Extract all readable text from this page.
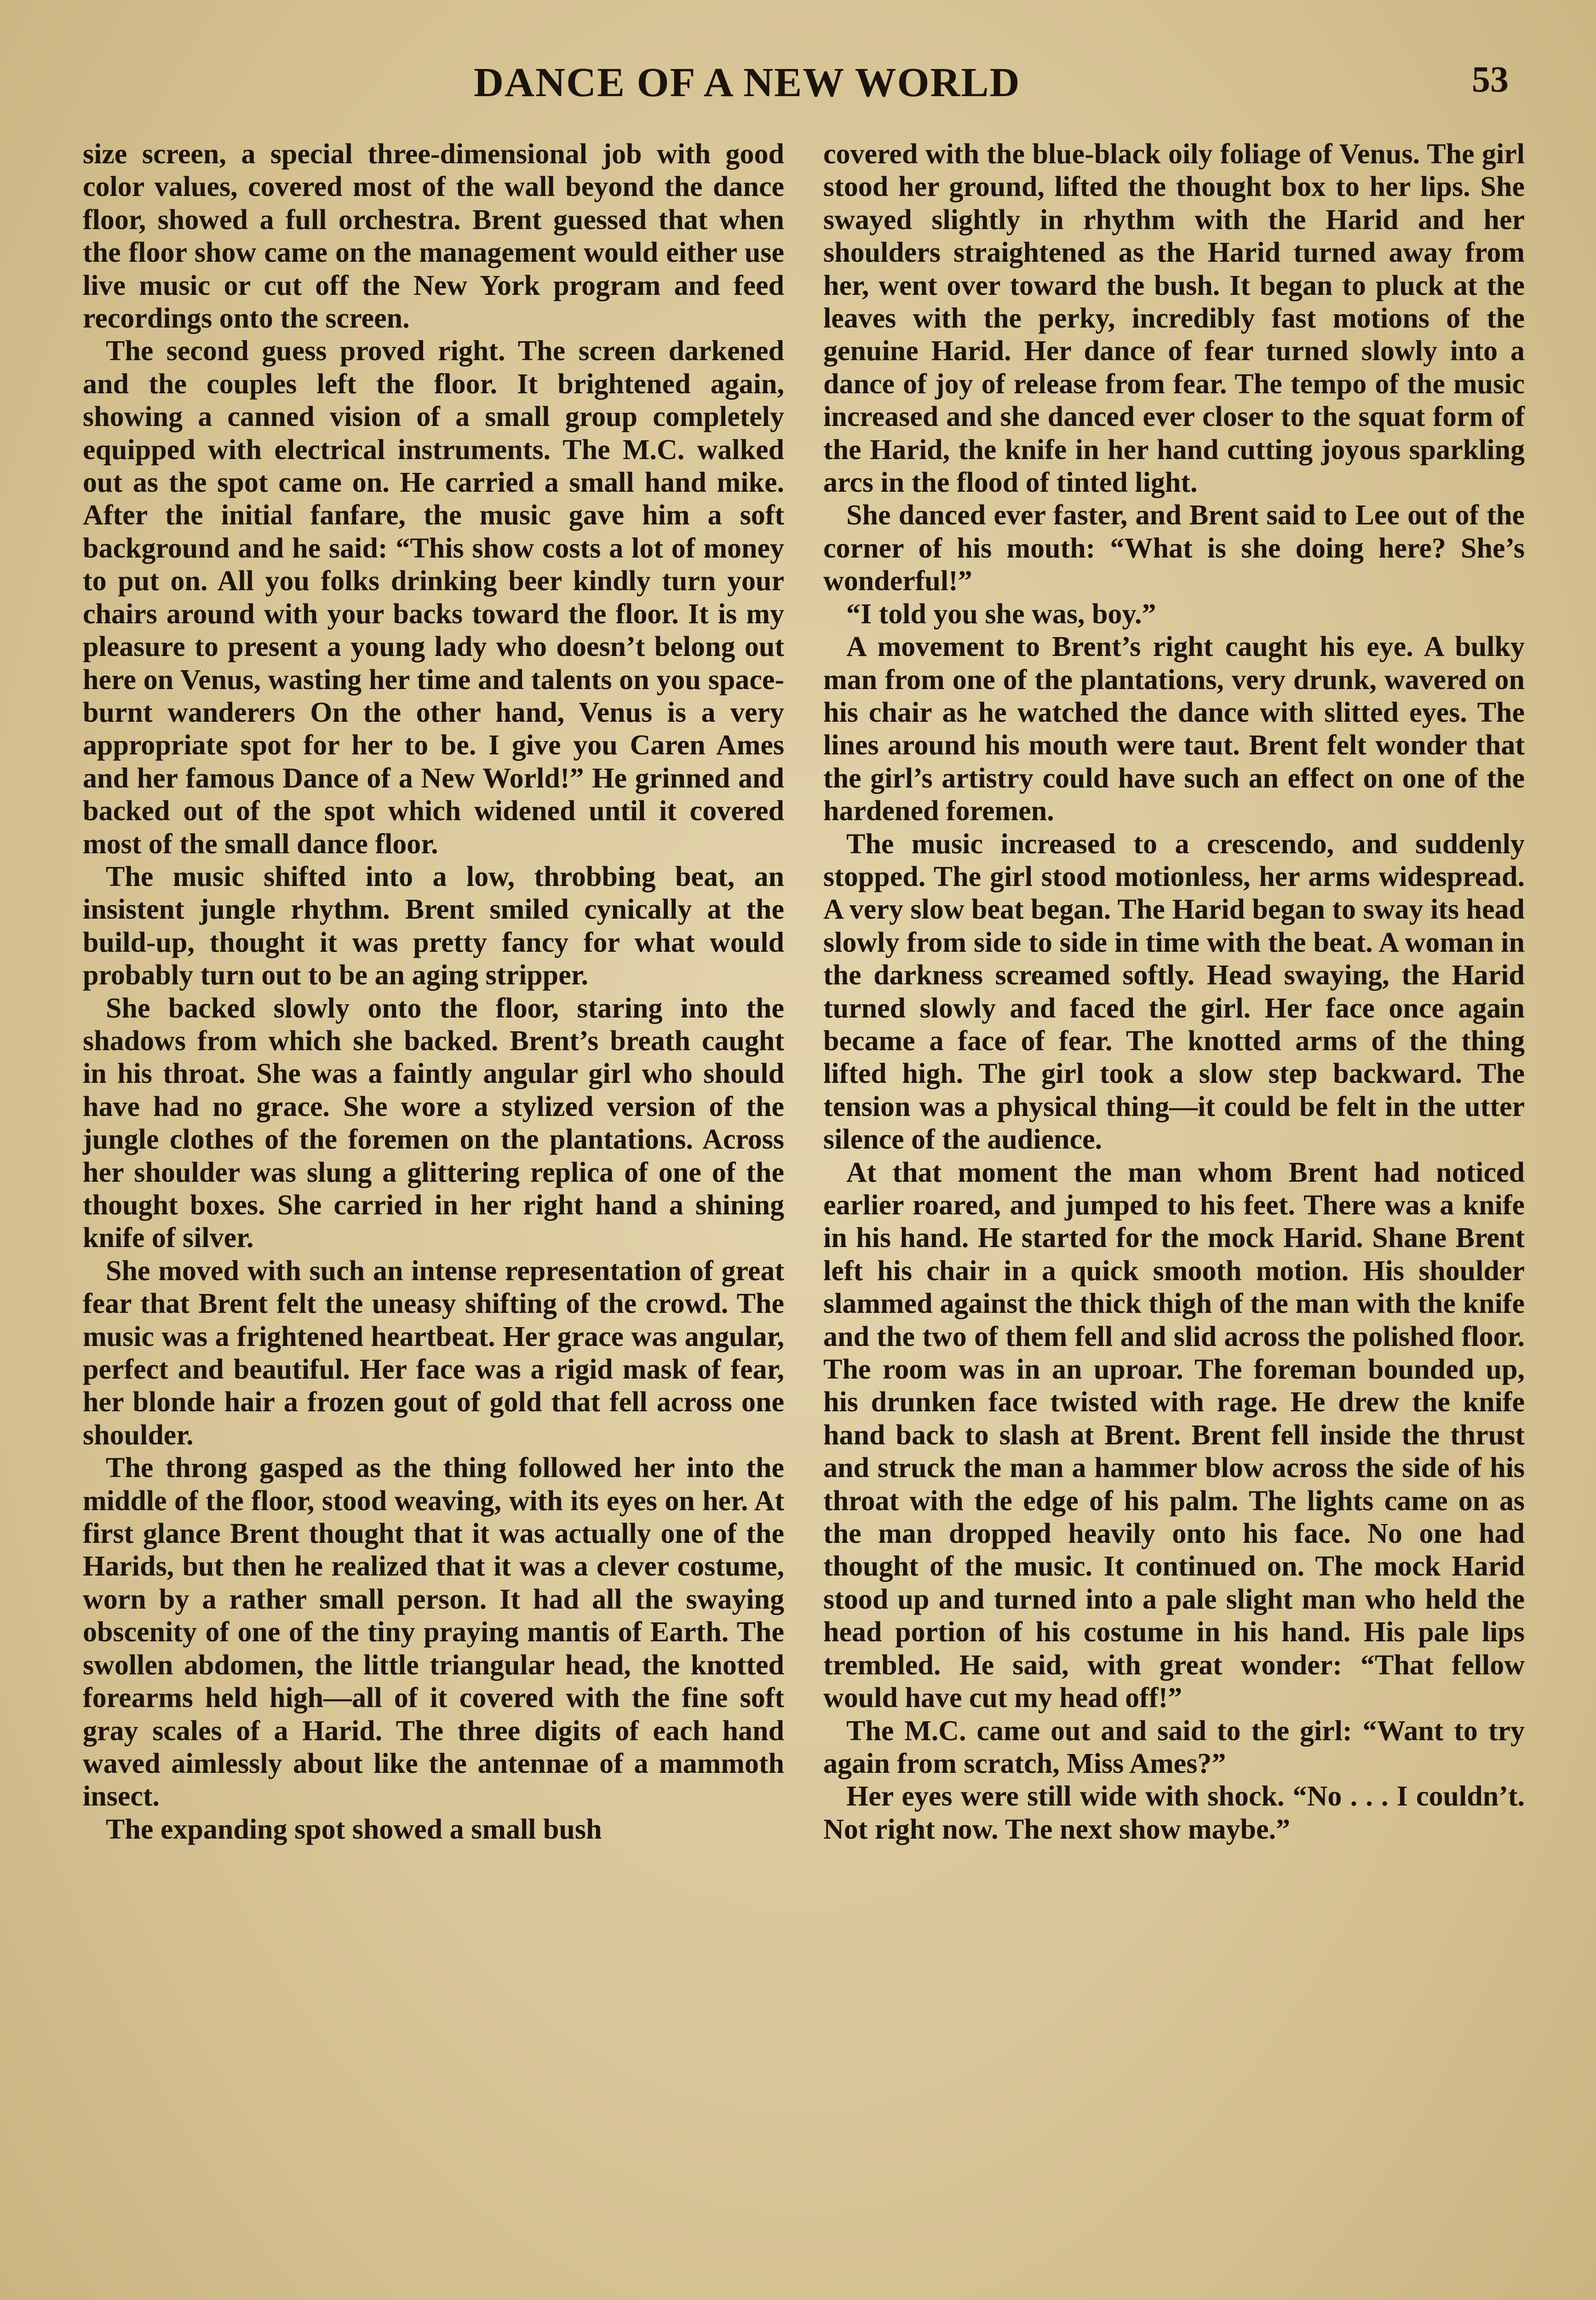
DANCE OF A NEW WORLD	53

size screen, a special three-dimensional job with good color values, covered most of the wall beyond the dance floor, showed a full orchestra. Brent guessed that when the floor show came on the management would either use live music or cut off the New York program and feed recordings onto the screen.

The second guess proved right. The screen darkened and the couples left the floor. It brightened again, showing a canned vision of a small group completely equipped with electrical instruments. The M.C. walked out as the spot came on. He carried a small hand mike. After the initial fanfare, the music gave him a soft background and he said: “This show costs a lot of money to put on. All you folks drinking beer kindly turn your chairs around with your backs toward the floor. It is my pleasure to present a young lady who doesn’t belong out here on Venus, wasting her time and talents on you space-burnt wanderers On the other hand, Venus is a very appropriate spot for her to be. I give you Caren Ames and her famous Dance of a New World!” He grinned and backed out of the spot which widened until it covered most of the small dance floor.

The music shifted into a low, throbbing beat, an insistent jungle rhythm. Brent smiled cynically at the build-up, thought it was pretty fancy for what would probably turn out to be an aging stripper.

She backed slowly onto the floor, staring into the shadows from which she backed. Brent’s breath caught in his throat. She was a faintly angular girl who should have had no grace. She wore a stylized version of the jungle clothes of the foremen on the plantations. Across her shoulder was slung a glittering replica of one of the thought boxes. She carried in her right hand a shining knife of silver.

She moved with such an intense representation of great fear that Brent felt the uneasy shifting of the crowd. The music was a frightened heartbeat. Her grace was angular, perfect and beautiful. Her face was a rigid mask of fear, her blonde hair a frozen gout of gold that fell across one shoulder.

The throng gasped as the thing followed her into the middle of the floor, stood weaving, with its eyes on her. At first glance Brent thought that it was actually one of the Harids, but then he realized that it was a clever costume, worn by a rather small person. It had all the swaying obscenity of one of the tiny praying mantis of Earth. The swollen abdomen, the little triangular head, the knotted forearms held high—all of it covered with the fine soft gray scales of a Harid. The three digits of each hand waved aimlessly about like the antennae of a mammoth insect.

The expanding spot showed a small bush

covered with the blue-black oily foliage of Venus. The girl stood her ground, lifted the thought box to her lips. She swayed slightly in rhythm with the Harid and her shoulders straightened as the Harid turned away from her, went over toward the bush. It began to pluck at the leaves with the perky, incredibly fast motions of the genuine Harid. Her dance of fear turned slowly into a dance of joy of release from fear. The tempo of the music increased and she danced ever closer to the squat form of the Harid, the knife in her hand cutting joyous sparkling arcs in the flood of tinted light.

She danced ever faster, and Brent said to Lee out of the corner of his mouth: “What is she doing here? She’s wonderful!”

“I told you she was, boy.”

A movement to Brent’s right caught his eye. A bulky man from one of the plantations, very drunk, wavered on his chair as he watched the dance with slitted eyes. The lines around his mouth were taut. Brent felt wonder that the girl’s artistry could have such an effect on one of the hardened foremen.

The music increased to a crescendo, and suddenly stopped. The girl stood motionless, her arms widespread. A very slow beat began. The Harid began to sway its head slowly from side to side in time with the beat. A woman in the darkness screamed softly. Head swaying, the Harid turned slowly and faced the girl. Her face once again became a face of fear. The knotted arms of the thing lifted high. The girl took a slow step backward. The tension was a physical thing—it could be felt in the utter silence of the audience.

At that moment the man whom Brent had noticed earlier roared, and jumped to his feet. There was a knife in his hand. He started for the mock Harid. Shane Brent left his chair in a quick smooth motion. His shoulder slammed against the thick thigh of the man with the knife and the two of them fell and slid across the polished floor. The room was in an uproar. The foreman bounded up, his drunken face twisted with rage. He drew the knife hand back to slash at Brent. Brent fell inside the thrust and struck the man a hammer blow across the side of his throat with the edge of his palm. The lights came on as the man dropped heavily onto his face. No one had thought of the music. It continued on. The mock Harid stood up and turned into a pale slight man who held the head portion of his costume in his hand. His pale lips trembled. He said, with great wonder: “That fellow would have cut my head off!”

The M.C. came out and said to the girl: “Want to try again from scratch, Miss Ames?”

Her eyes were still wide with shock. “No . . . I couldn’t. Not right now. The next show maybe.”
